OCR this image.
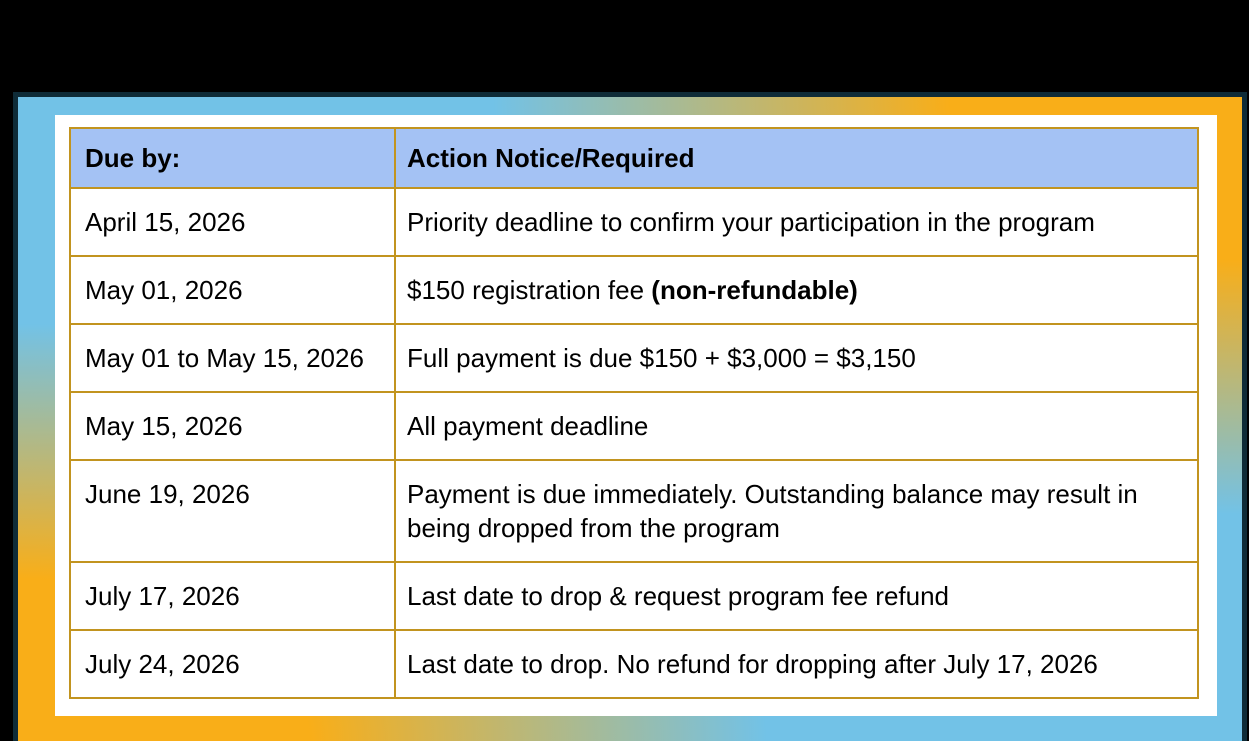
Due by:	Action Notice/Required
April 15, 2026	Priority deadline to confirm your participation in the program
May 01, 2026	$150 registration fee (non-refundable)
May 01 to May 15, 2026	Full payment is due $150 + $3,000 = $3,150
May 15, 2026	All payment deadline
June 19, 2026	Payment is due immediately. Outstanding balance may result in being dropped from the program
July 17, 2026	Last date to drop & request program fee refund
July 24, 2026	Last date to drop. No refund for dropping after July 17, 2026
